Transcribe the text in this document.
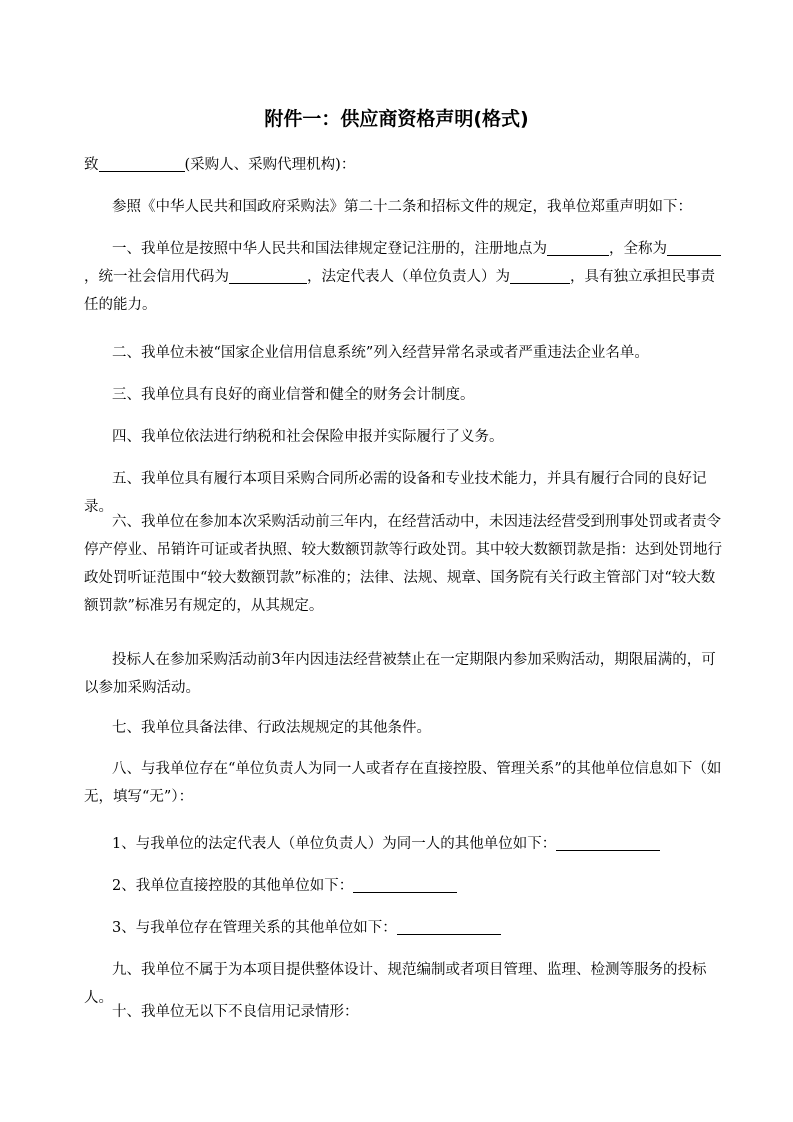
附件一：供应商资格声明(格式)
致	(采购人、采购代理机构)：
参照《中华人民共和国政府采购法》第二十二条和招标文件的规定，我单位郑重声明如下：
一、我单位是按照中华人民共和国法律规定登记注册的，注册地点为	，全称为，统一社会信用代码为	，法定代表人（单位负责人）为	，具有独立承担民事责任的能力。
二、我单位未被“国家企业信用信息系统”列入经营异常名录或者严重违法企业名单。
三、我单位具有良好的商业信誉和健全的财务会计制度。
四、我单位依法进行纳税和社会保险申报并实际履行了义务。
五、我单位具有履行本项目采购合同所必需的设备和专业技术能力，并具有履行合同的良好记录。
六、我单位在参加本次采购活动前三年内，在经营活动中，未因违法经营受到刑事处罚或者责令停产停业、吊销许可证或者执照、较大数额罚款等行政处罚。其中较大数额罚款是指：达到处罚地行政处罚听证范围中“较大数额罚款”标准的；法律、法规、规章、国务院有关行政主管部门对“较大数额罚款”标准另有规定的，从其规定。
投标人在参加采购活动前3年内因违法经营被禁止在一定期限内参加采购活动，期限届满的，可以参加采购活动。
七、我单位具备法律、行政法规规定的其他条件。
八、与我单位存在“单位负责人为同一人或者存在直接控股、管理关系”的其他单位信息如下（如无，填写“无”）：
1、与我单位的法定代表人（单位负责人）为同一人的其他单位如下：
2、我单位直接控股的其他单位如下：
3、与我单位存在管理关系的其他单位如下：
九、我单位不属于为本项目提供整体设计、规范编制或者项目管理、监理、检测等服务的投标人。
十、我单位无以下不良信用记录情形：
